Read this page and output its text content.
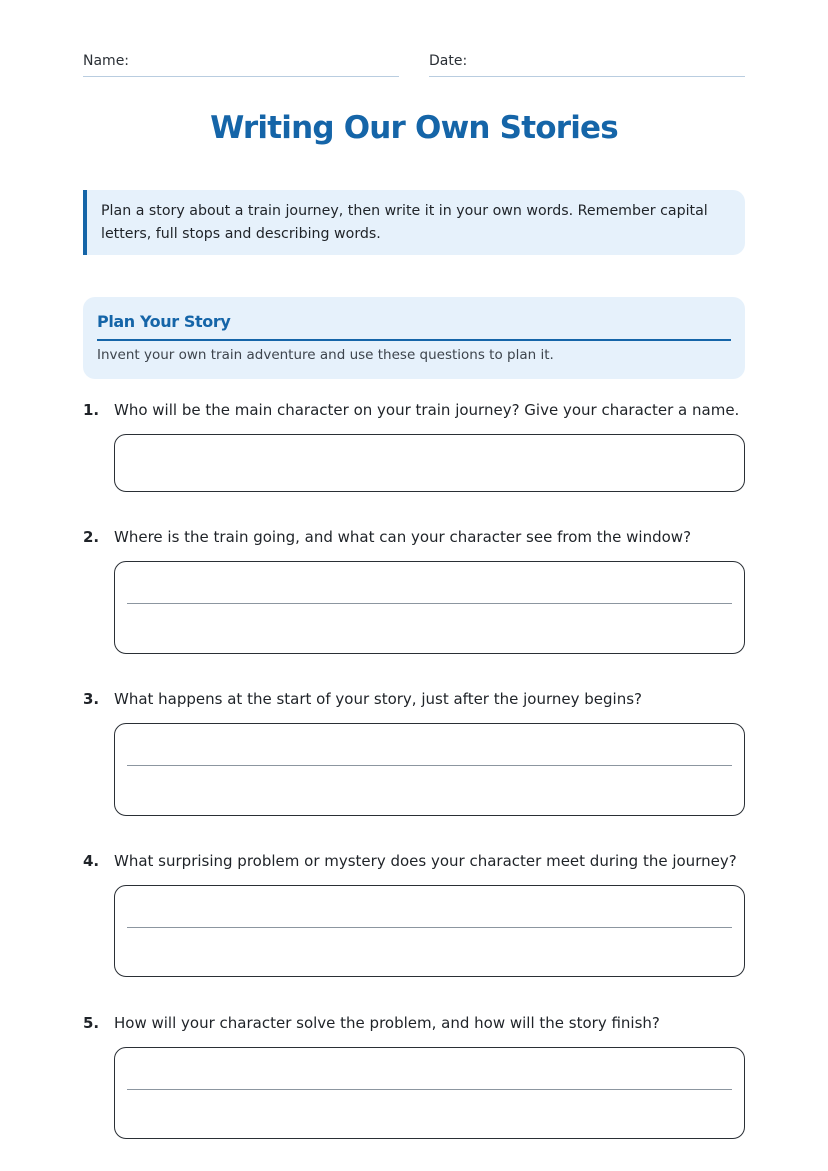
Name:	Date:
Writing Our Own Stories
Plan a story about a train journey, then write it in your own words. Remember capital letters, full stops and describing words.
Plan Your Story
Invent your own train adventure and use these questions to plan it.
1. Who will be the main character on your train journey? Give your character a name.
2. Where is the train going, and what can your character see from the window?
3. What happens at the start of your story, just after the journey begins?
4. What surprising problem or mystery does your character meet during the journey?
5. How will your character solve the problem, and how will the story finish?
